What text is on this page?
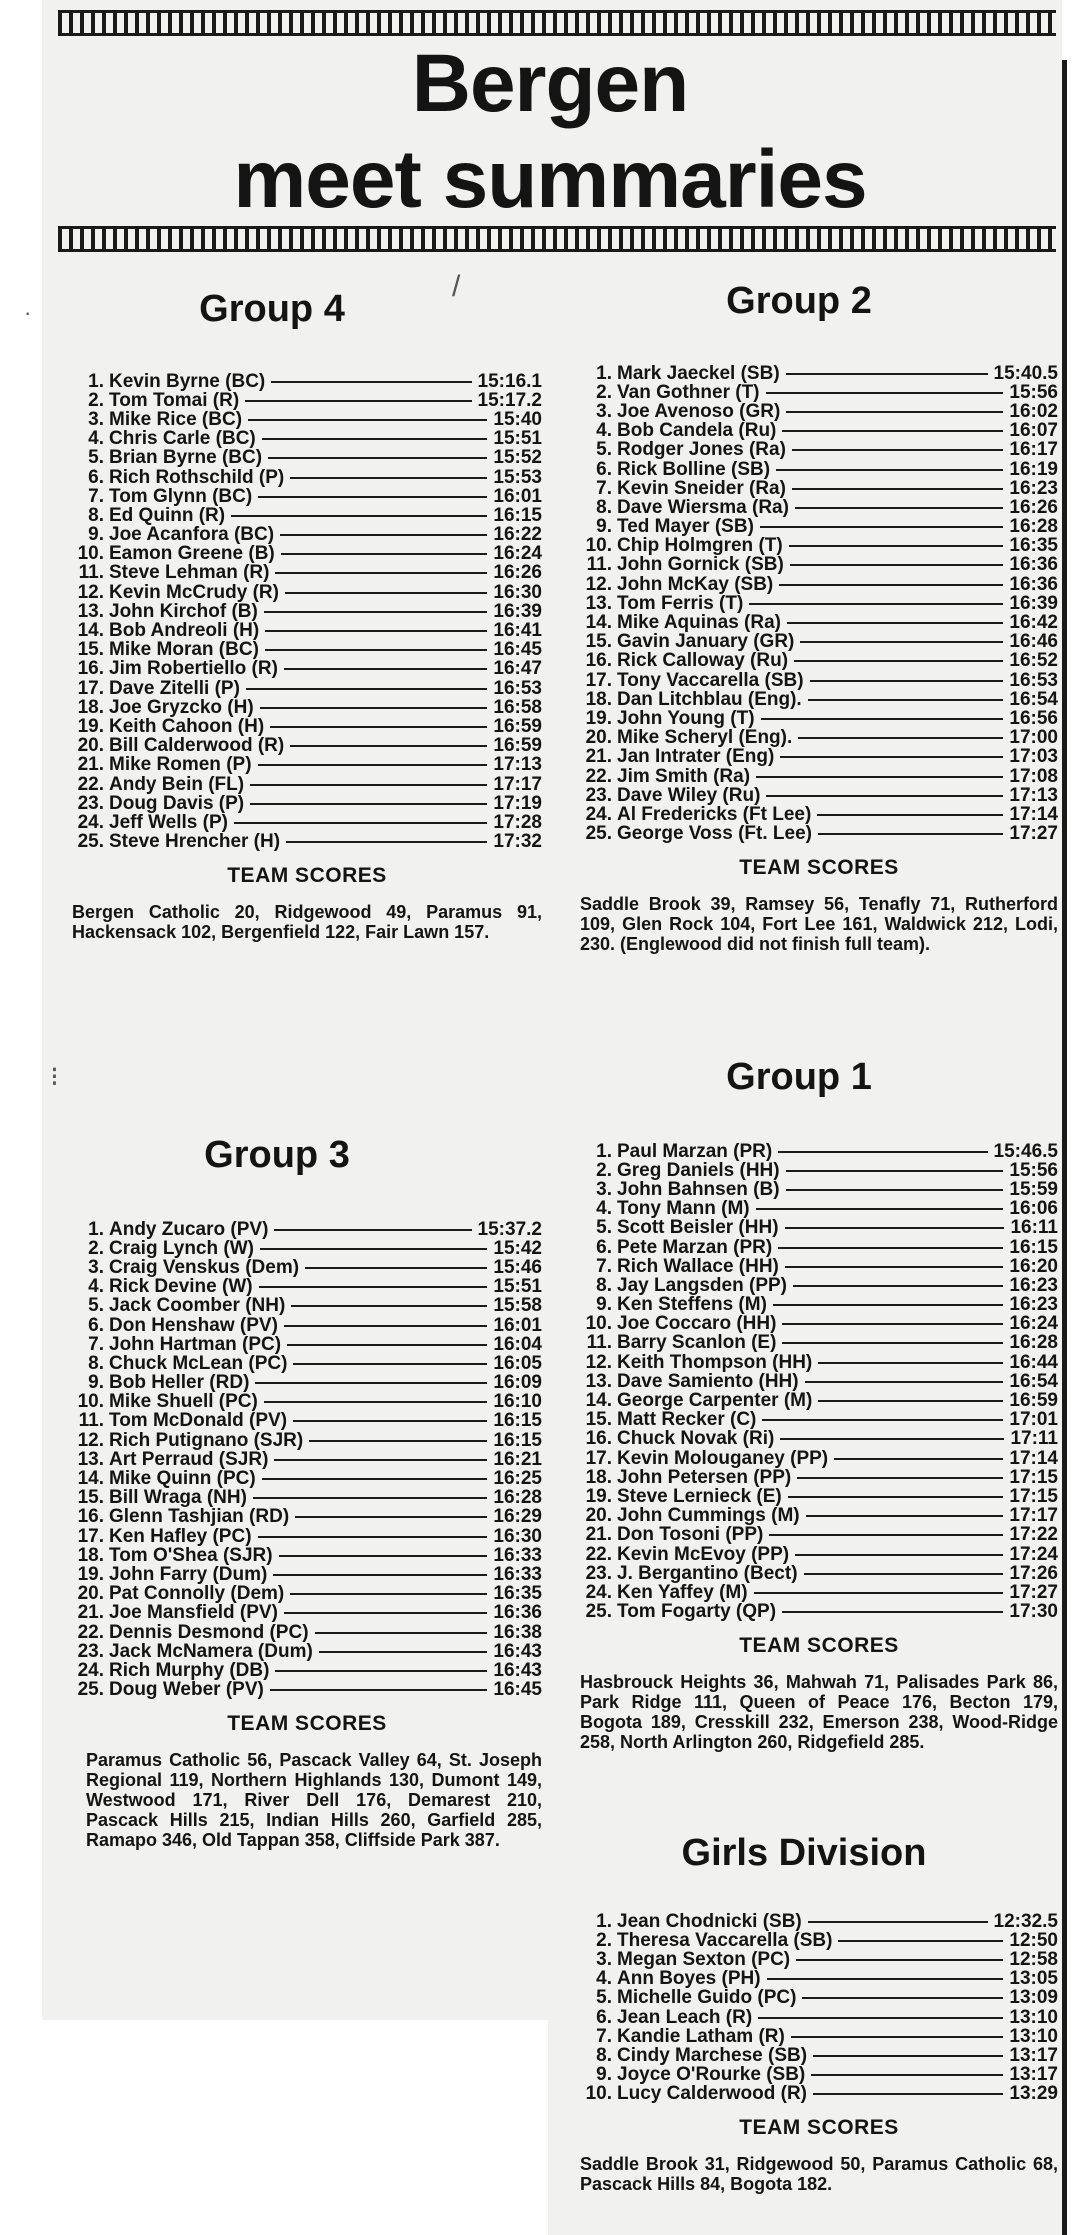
Bergen
meet summaries
·
/
Group 4
1. Kevin Byrne (BC)	15:16.1
2. Tom Tomai (R)	15:17.2
3. Mike Rice (BC)	15:40
4. Chris Carle (BC)	15:51
5. Brian Byrne (BC)	15:52
6. Rich Rothschild (P)	15:53
7. Tom Glynn (BC)	16:01
8. Ed Quinn (R)	16:15
9. Joe Acanfora (BC)	16:22
10. Eamon Greene (B)	16:24
11. Steve Lehman (R)	16:26
12. Kevin McCrudy (R)	16:30
13. John Kirchof (B)	16:39
14. Bob Andreoli (H)	16:41
15. Mike Moran (BC)	16:45
16. Jim Robertiello (R)	16:47
17. Dave Zitelli (P)	16:53
18. Joe Gryzcko (H)	16:58
19. Keith Cahoon (H)	16:59
20. Bill Calderwood (R)	16:59
21. Mike Romen (P)	17:13
22. Andy Bein (FL)	17:17
23. Doug Davis (P)	17:19
24. Jeff Wells (P)	17:28
25. Steve Hrencher (H)	17:32
TEAM SCORES
Bergen Catholic 20, Ridgewood 49, Paramus 91, Hackensack 102, Bergenfield 122, Fair Lawn 157.
Group 2
1. Mark Jaeckel (SB)	15:40.5
2. Van Gothner (T)	15:56
3. Joe Avenoso (GR)	16:02
4. Bob Candela (Ru)	16:07
5. Rodger Jones (Ra)	16:17
6. Rick Bolline (SB)	16:19
7. Kevin Sneider (Ra)	16:23
8. Dave Wiersma (Ra)	16:26
9. Ted Mayer (SB)	16:28
10. Chip Holmgren (T)	16:35
11. John Gornick (SB)	16:36
12. John McKay (SB)	16:36
13. Tom Ferris (T)	16:39
14. Mike Aquinas (Ra)	16:42
15. Gavin January (GR)	16:46
16. Rick Calloway (Ru)	16:52
17. Tony Vaccarella (SB)	16:53
18. Dan Litchblau (Eng).	16:54
19. John Young (T)	16:56
20. Mike Scheryl (Eng).	17:00
21. Jan Intrater (Eng)	17:03
22. Jim Smith (Ra)	17:08
23. Dave Wiley (Ru)	17:13
24. Al Fredericks (Ft Lee)	17:14
25. George Voss (Ft. Lee)	17:27
TEAM SCORES
Saddle Brook 39, Ramsey 56, Tenafly 71, Rutherford 109, Glen Rock 104, Fort Lee 161, Waldwick 212, Lodi, 230. (Englewood did not finish full team).
⁝
Group 3
1. Andy Zucaro (PV)	15:37.2
2. Craig Lynch (W)	15:42
3. Craig Venskus (Dem)	15:46
4. Rick Devine (W)	15:51
5. Jack Coomber (NH)	15:58
6. Don Henshaw (PV)	16:01
7. John Hartman (PC)	16:04
8. Chuck McLean (PC)	16:05
9. Bob Heller (RD)	16:09
10. Mike Shuell (PC)	16:10
11. Tom McDonald (PV)	16:15
12. Rich Putignano (SJR)	16:15
13. Art Perraud (SJR)	16:21
14. Mike Quinn (PC)	16:25
15. Bill Wraga (NH)	16:28
16. Glenn Tashjian (RD)	16:29
17. Ken Hafley (PC)	16:30
18. Tom O'Shea (SJR)	16:33
19. John Farry (Dum)	16:33
20. Pat Connolly (Dem)	16:35
21. Joe Mansfield (PV)	16:36
22. Dennis Desmond (PC)	16:38
23. Jack McNamera (Dum)	16:43
24. Rich Murphy (DB)	16:43
25. Doug Weber (PV)	16:45
TEAM SCORES
Paramus Catholic 56, Pascack Valley 64, St. Joseph Regional 119, Northern Highlands 130, Dumont 149, Westwood 171, River Dell 176, Demarest 210, Pascack Hills 215, Indian Hills 260, Garfield 285, Ramapo 346, Old Tappan 358, Cliffside Park 387.
Group 1
1. Paul Marzan (PR)	15:46.5
2. Greg Daniels (HH)	15:56
3. John Bahnsen (B)	15:59
4. Tony Mann (M)	16:06
5. Scott Beisler (HH)	16:11
6. Pete Marzan (PR)	16:15
7. Rich Wallace (HH)	16:20
8. Jay Langsden (PP)	16:23
9. Ken Steffens (M)	16:23
10. Joe Coccaro (HH)	16:24
11. Barry Scanlon (E)	16:28
12. Keith Thompson (HH)	16:44
13. Dave Samiento (HH)	16:54
14. George Carpenter (M)	16:59
15. Matt Recker (C)	17:01
16. Chuck Novak (Ri)	17:11
17. Kevin Molouganey (PP)	17:14
18. John Petersen (PP)	17:15
19. Steve Lernieck (E)	17:15
20. John Cummings (M)	17:17
21. Don Tosoni (PP)	17:22
22. Kevin McEvoy (PP)	17:24
23. J. Bergantino (Bect)	17:26
24. Ken Yaffey (M)	17:27
25. Tom Fogarty (QP)	17:30
TEAM SCORES
Hasbrouck Heights 36, Mahwah 71, Palisades Park 86, Park Ridge 111, Queen of Peace 176, Becton 179, Bogota 189, Cresskill 232, Emerson 238, Wood-Ridge 258, North Arlington 260, Ridgefield 285.
Girls Division
1. Jean Chodnicki (SB)	12:32.5
2. Theresa Vaccarella (SB)	12:50
3. Megan Sexton (PC)	12:58
4. Ann Boyes (PH)	13:05
5. Michelle Guido (PC)	13:09
6. Jean Leach (R)	13:10
7. Kandie Latham (R)	13:10
8. Cindy Marchese (SB)	13:17
9. Joyce O'Rourke (SB)	13:17
10. Lucy Calderwood (R)	13:29
TEAM SCORES
Saddle Brook 31, Ridgewood 50, Paramus Catholic 68, Pascack Hills 84, Bogota 182.
